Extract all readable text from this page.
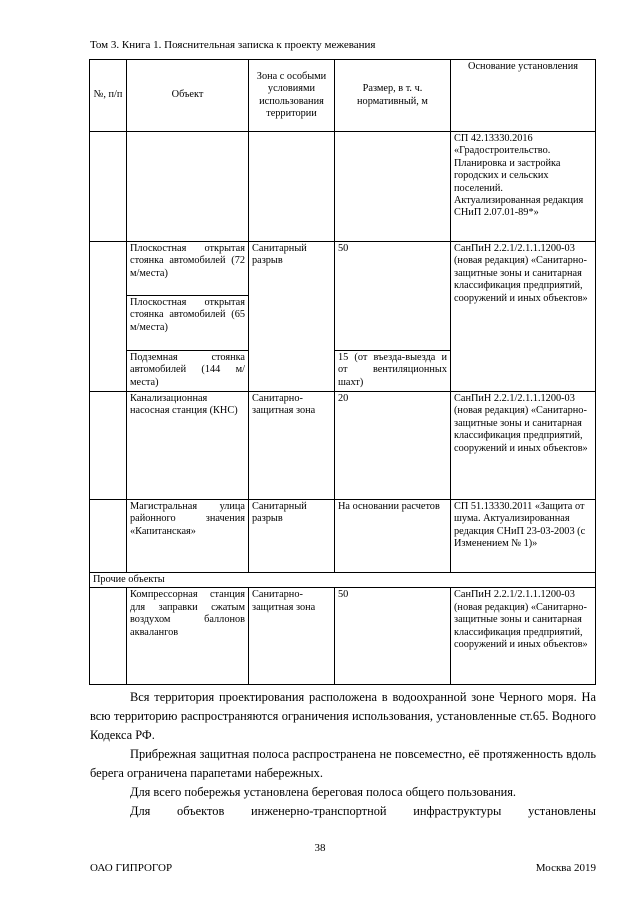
Том 3. Книга 1. Пояснительная записка к проекту межевания
№, п/п	Объект	Зона с особыми условиями использования территории	Размер, в т. ч. нормативный, м	Основание установления
				СП 42.13330.2016 «Градостроительство. Планировка и застройка городских и сельских поселений. Актуализированная редакция СНиП 2.07.01-89*»
	Плоскостная открытая стоянка автомобилей (72 м/места)	Санитарный разрыв	50	СанПиН 2.2.1/2.1.1.1200-03 (новая редакция) «Санитарно-защитные зоны и санитарная классификация предприятий, сооружений и иных объектов»
	Плоскостная открытая стоянка автомобилей (65 м/места)			
	Подземная стоянка автомобилей (144 м/места)		15 (от въезда-выезда и от вентиляционных шахт)	
	Канализационная насосная станция (КНС)	Санитарно-защитная зона	20	СанПиН 2.2.1/2.1.1.1200-03 (новая редакция) «Санитарно-защитные зоны и санитарная классификация предприятий, сооружений и иных объектов»
	Магистральная улица районного значения «Капитанская»	Санитарный разрыв	На основании расчетов	СП 51.13330.2011 «Защита от шума. Актуализированная редакция СНиП 23-03-2003 (с Изменением № 1)»
Прочие объекты				
	Компрессорная станция для заправки сжатым воздухом баллонов аквалангов	Санитарно-защитная зона	50	СанПиН 2.2.1/2.1.1.1200-03 (новая редакция) «Санитарно-защитные зоны и санитарная классификация предприятий, сооружений и иных объектов»

Вся территория проектирования расположена в водоохранной зоне Черного моря. На всю территорию распространяются ограничения использования, установленные ст.65. Водного Кодекса РФ.

Прибрежная защитная полоса распространена не повсеместно, её протяженность вдоль берега ограничена парапетами набережных.

Для всего побережья установлена береговая полоса общего пользования.

Для объектов инженерно-транспортной инфраструктуры установлены

38
ОАО ГИПРОГОР	Москва 2019
